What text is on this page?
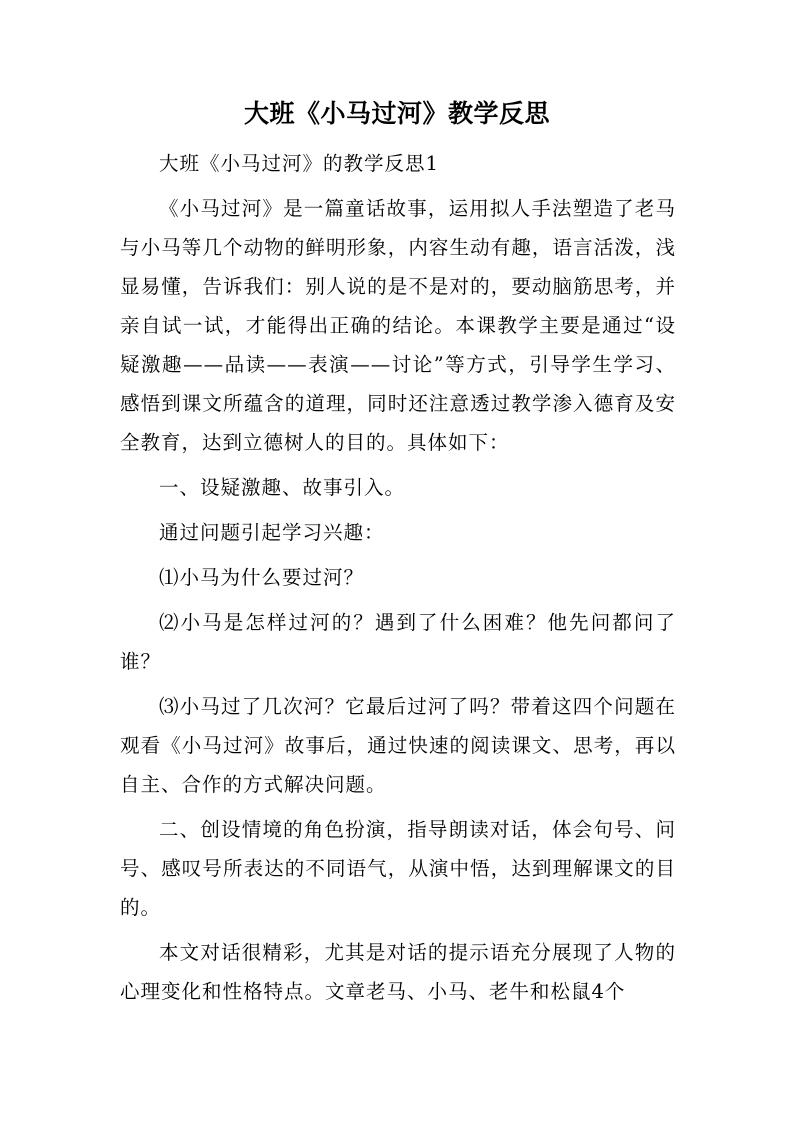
大班《小马过河》教学反思

大班《小马过河》的教学反思1

《小马过河》是一篇童话故事，运用拟人手法塑造了老马与小马等几个动物的鲜明形象，内容生动有趣，语言活泼，浅显易懂，告诉我们：别人说的是不是对的，要动脑筋思考，并亲自试一试，才能得出正确的结论。本课教学主要是通过“设疑激趣——品读——表演——讨论”等方式，引导学生学习、感悟到课文所蕴含的道理，同时还注意透过教学渗入德育及安全教育，达到立德树人的目的。具体如下：

一、设疑激趣、故事引入。

通过问题引起学习兴趣：

⑴小马为什么要过河？

⑵小马是怎样过河的？遇到了什么困难？他先问都问了谁？

⑶小马过了几次河？它最后过河了吗？带着这四个问题在观看《小马过河》故事后，通过快速的阅读课文、思考，再以自主、合作的方式解决问题。

二、创设情境的角色扮演，指导朗读对话，体会句号、问号、感叹号所表达的不同语气，从演中悟，达到理解课文的目的。

本文对话很精彩，尤其是对话的提示语充分展现了人物的心理变化和性格特点。文章老马、小马、老牛和松鼠4个
